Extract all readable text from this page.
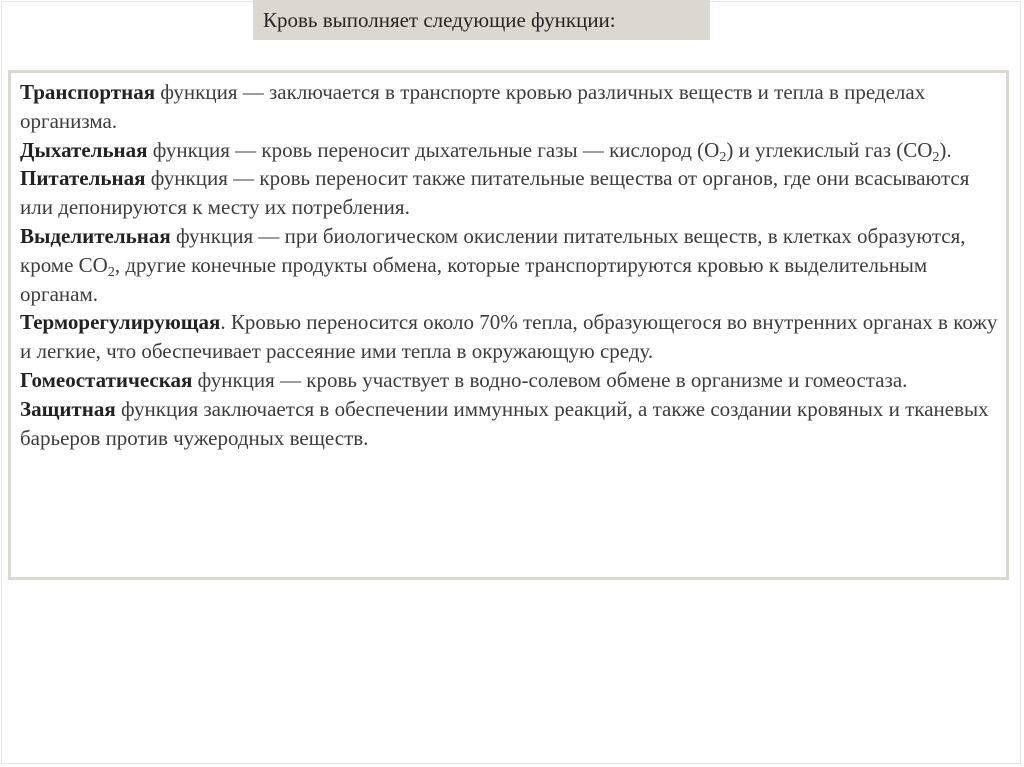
Кровь выполняет следующие функции:

Транспортная функция — заключается в транспорте кровью различных веществ и тепла в пределах организма.

Дыхательная функция — кровь переносит дыхательные газы — кислород $(O_2)$ и углекислый газ $(CO_2)$.

Питательная функция — кровь переносит также питательные вещества от органов, где они всасываются или депонируются к месту их потребления.

Выделительная функция — при биологическом окислении питательных веществ, в клетках образуются, кроме $CO_2$, другие конечные продукты обмена, которые транспортируются кровью к выделительным органам.

Терморегулирующая. Кровью переносится около 70% тепла, образующегося во внутренних органах в кожу и легкие, что обеспечивает рассеяние ими тепла в окружающую среду.

Гомеостатическая функция — кровь участвует в водно-солевом обмене в организме и гомеостаза.

Защитная функция заключается в обеспечении иммунных реакций, а также создании кровяных и тканевых барьеров против чужеродных веществ.
